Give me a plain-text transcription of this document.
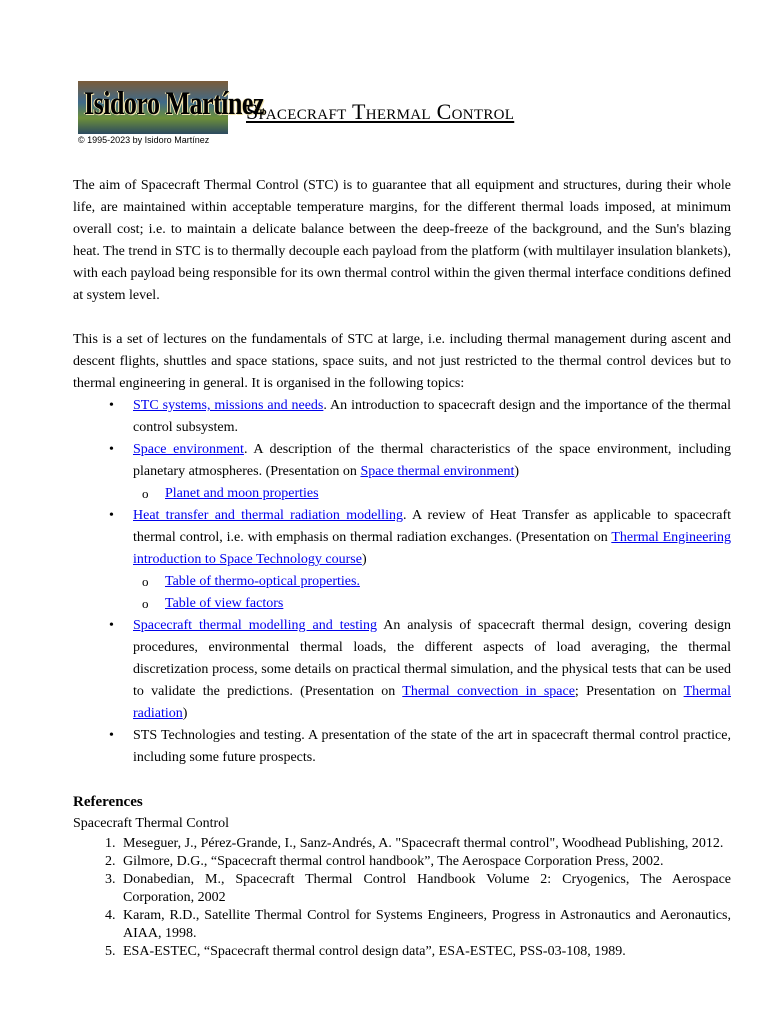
Isidoro Martínez
© 1995-2023 by Isidoro Martínez
Spacecraft Thermal Control

The aim of Spacecraft Thermal Control (STC) is to guarantee that all equipment and structures, during their whole life, are maintained within acceptable temperature margins, for the different thermal loads imposed, at minimum overall cost; i.e. to maintain a delicate balance between the deep-freeze of the background, and the Sun's blazing heat. The trend in STC is to thermally decouple each payload from the platform (with multilayer insulation blankets), with each payload being responsible for its own thermal control within the given thermal interface conditions defined at system level.

This is a set of lectures on the fundamentals of STC at large, i.e. including thermal management during ascent and descent flights, shuttles and space stations, space suits, and not just restricted to the thermal control devices but to thermal engineering in general. It is organised in the following topics:

• STC systems, missions and needs. An introduction to spacecraft design and the importance of the thermal control subsystem.
• Space environment. A description of the thermal characteristics of the space environment, including planetary atmospheres. (Presentation on Space thermal environment)
o Planet and moon properties
• Heat transfer and thermal radiation modelling. A review of Heat Transfer as applicable to spacecraft thermal control, i.e. with emphasis on thermal radiation exchanges. (Presentation on Thermal Engineering introduction to Space Technology course)
o Table of thermo-optical properties.
o Table of view factors
• Spacecraft thermal modelling and testing An analysis of spacecraft thermal design, covering design procedures, environmental thermal loads, the different aspects of load averaging, the thermal discretization process, some details on practical thermal simulation, and the physical tests that can be used to validate the predictions. (Presentation on Thermal convection in space; Presentation on Thermal radiation)
• STS Technologies and testing. A presentation of the state of the art in spacecraft thermal control practice, including some future prospects.
References

Spacecraft Thermal Control

1. Meseguer, J., Pérez-Grande, I., Sanz-Andrés, A. "Spacecraft thermal control", Woodhead Publishing, 2012.
2. Gilmore, D.G., “Spacecraft thermal control handbook”, The Aerospace Corporation Press, 2002.
3. Donabedian, M., Spacecraft Thermal Control Handbook Volume 2: Cryogenics, The Aerospace Corporation, 2002
4. Karam, R.D., Satellite Thermal Control for Systems Engineers, Progress in Astronautics and Aeronautics, AIAA, 1998.
5. ESA-ESTEC, “Spacecraft thermal control design data”, ESA-ESTEC, PSS-03-108, 1989.
